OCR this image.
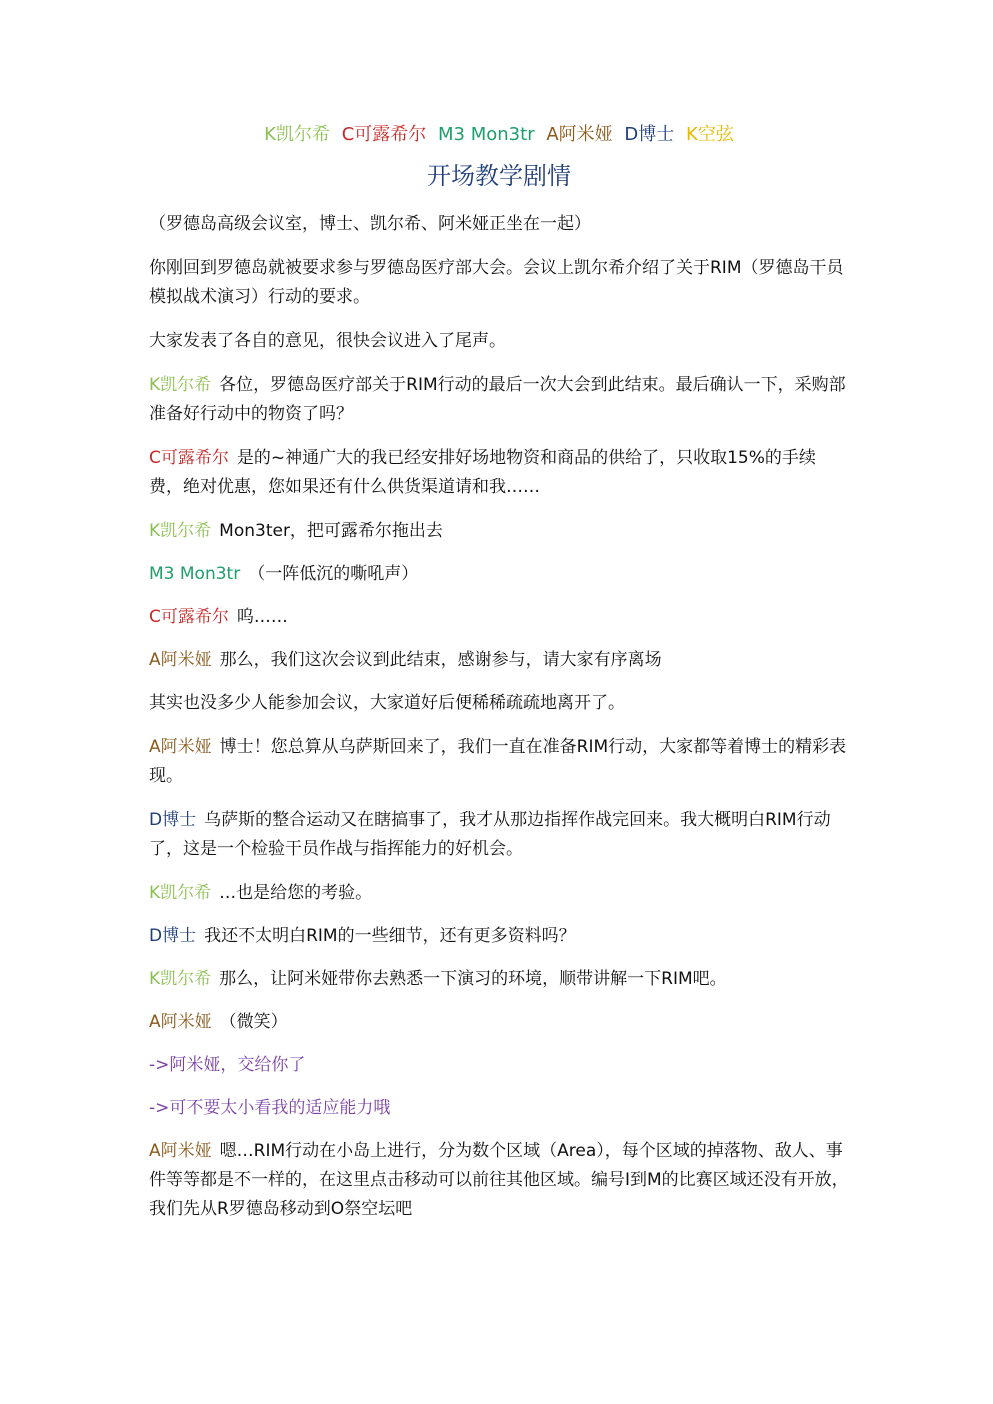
K凯尔希 C可露希尔 M3 Mon3tr A阿米娅 D博士 K空弦
开场教学剧情

（罗德岛高级会议室，博士、凯尔希、阿米娅正坐在一起）

你刚回到罗德岛就被要求参与罗德岛医疗部大会。会议上凯尔希介绍了关于RIM（罗德岛干员模拟战术演习）行动的要求。

大家发表了各自的意见，很快会议进入了尾声。

K凯尔希 各位，罗德岛医疗部关于RIM行动的最后一次大会到此结束。最后确认一下，采购部准备好行动中的物资了吗？

C可露希尔 是的~神通广大的我已经安排好场地物资和商品的供给了，只收取15%的手续费，绝对优惠，您如果还有什么供货渠道请和我……

K凯尔希 Mon3ter，把可露希尔拖出去

M3 Mon3tr （一阵低沉的嘶吼声）

C可露希尔 呜……

A阿米娅 那么，我们这次会议到此结束，感谢参与，请大家有序离场

其实也没多少人能参加会议，大家道好后便稀稀疏疏地离开了。

A阿米娅 博士！您总算从乌萨斯回来了，我们一直在准备RIM行动，大家都等着博士的精彩表现。

D博士 乌萨斯的整合运动又在瞎搞事了，我才从那边指挥作战完回来。我大概明白RIM行动了，这是一个检验干员作战与指挥能力的好机会。

K凯尔希 …也是给您的考验。

D博士 我还不太明白RIM的一些细节，还有更多资料吗？

K凯尔希 那么，让阿米娅带你去熟悉一下演习的环境，顺带讲解一下RIM吧。

A阿米娅 （微笑）

->阿米娅，交给你了

->可不要太小看我的适应能力哦

A阿米娅 嗯…RIM行动在小岛上进行，分为数个区域（Area），每个区域的掉落物、敌人、事件等等都是不一样的，在这里点击移动可以前往其他区域。编号I到M的比赛区域还没有开放，我们先从R罗德岛移动到O祭空坛吧
